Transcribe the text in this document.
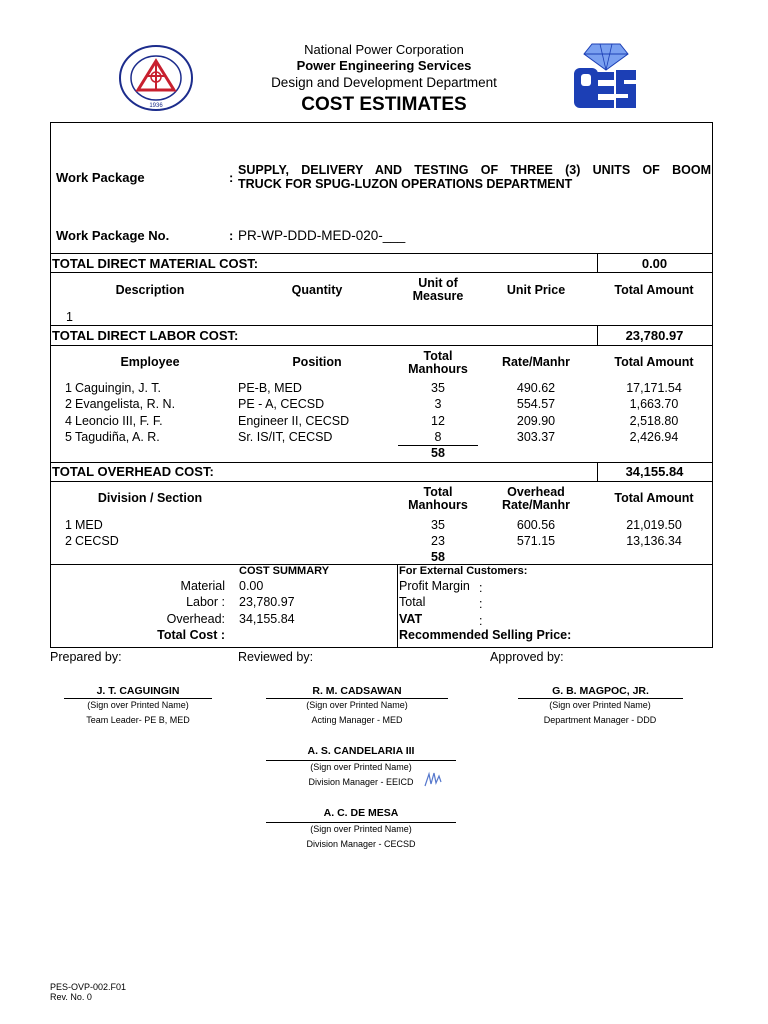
1936
National Power Corporation
Power Engineering Services
Design and Development Department
COST ESTIMATES
Work Package	: SUPPLY, DELIVERY AND TESTING OF THREE (3) UNITS OF BOOM
TRUCK FOR SPUG-LUZON OPERATIONS DEPARTMENT
Work Package No.	: PR-WP-DDD-MED-020-___
TOTAL DIRECT MATERIAL COST:	0.00
Description	Quantity	Unit of
Measure	Unit Price	Total Amount
1
TOTAL DIRECT LABOR COST:	23,780.97
Employee	Position	Total
Manhours	Rate/Manhr	Total Amount
1 Caguingin, J. T.	PE-B, MED	35	490.62	17,171.54
2 Evangelista, R. N.	PE - A, CECSD	3	554.57	1,663.70
4 Leoncio III, F. F.	Engineer II, CECSD	12	209.90	2,518.80
5 Tagudiña, A. R.	Sr. IS/IT, CECSD	8	303.37	2,426.94
58
TOTAL OVERHEAD COST:	34,155.84
Division / Section	Total
Manhours
Overhead
Rate/Manhr	Total Amount
1 MED	35	600.56	21,019.50
2 CECSD	23	571.15	13,136.34
58
COST SUMMARY
Material 0.00
Labor : 23,780.97
Overhead: 34,155.84
Total Cost :
For External Customers:
Profit Margin :
Total	:
VAT	:
Recommended Selling Price:
Prepared by:	Reviewed by:	Approved by:
J. T. CAGUINGIN
(Sign over Printed Name)
Team Leader- PE B, MED
R. M. CADSAWAN
(Sign over Printed Name)
Acting Manager - MED
G. B. MAGPOC, JR.
(Sign over Printed Name)
Department Manager - DDD
A. S. CANDELARIA III
(Sign over Printed Name)
Division Manager - EEICD
A. C. DE MESA
(Sign over Printed Name)
Division Manager - CECSD
PES-OVP-002.F01
Rev. No. 0
